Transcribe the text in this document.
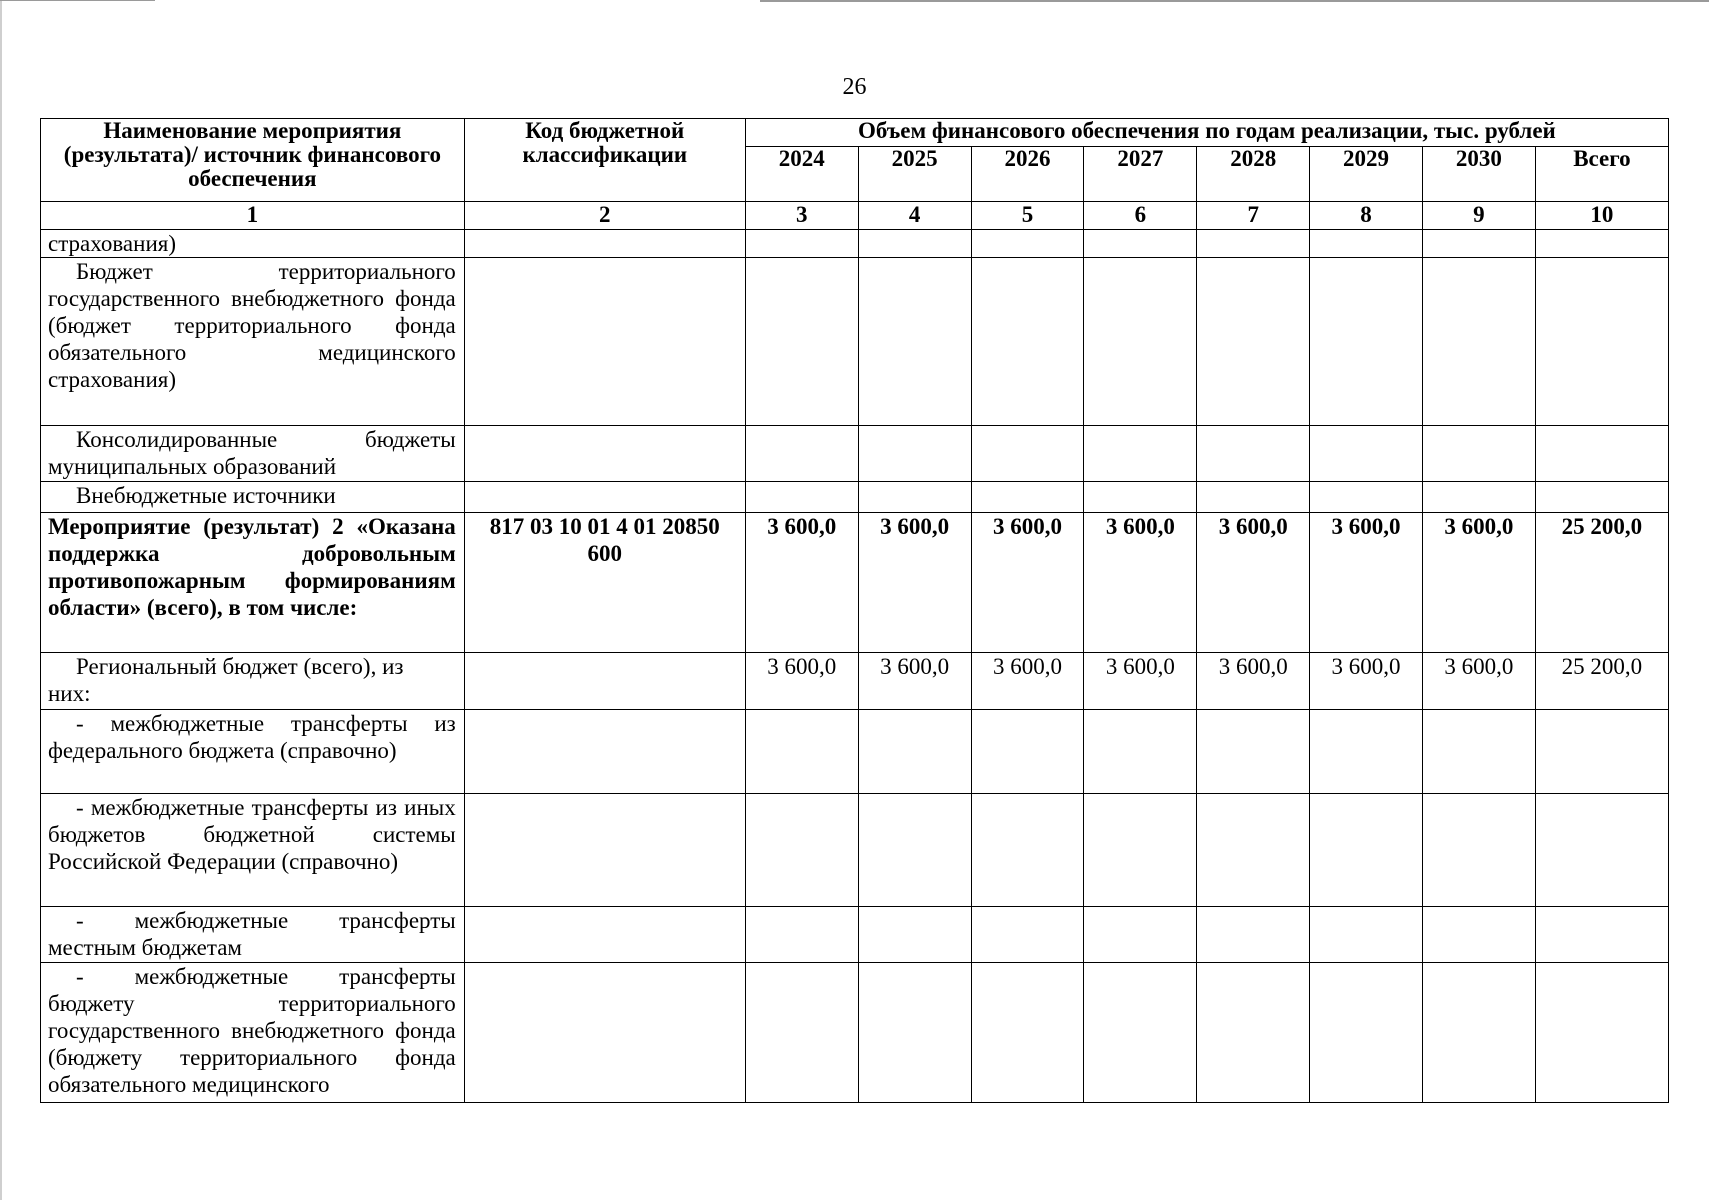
26
Наименование мероприятия (результата)/ источник финансового обеспечения	Код бюджетной классификации	Объем финансового обеспечения по годам реализации, тыс. рублей							
		2024	2025	2026	2027	2028	2029	2030	Всего
1	2	3	4	5	6	7	8	9	10
страхования)									
Бюджет территориального государственного внебюджетного фонда (бюджет территориального фонда обязательного медицинского страхования)									
Консолидированные бюджеты муниципальных образований									
Внебюджетные источники									
Мероприятие (результат) 2 «Оказана поддержка добровольным противопожарным формированиям области» (всего), в том числе:	817 03 10 01 4 01 20850 600	3 600,0	3 600,0	3 600,0	3 600,0	3 600,0	3 600,0	3 600,0	25 200,0
Региональный бюджет (всего), из них:		3 600,0	3 600,0	3 600,0	3 600,0	3 600,0	3 600,0	3 600,0	25 200,0
- межбюджетные трансферты из федерального бюджета (справочно)									
- межбюджетные трансферты из иных бюджетов бюджетной системы Российской Федерации (справочно)									
- межбюджетные трансферты местным бюджетам									
- межбюджетные трансферты бюджету территориального государственного внебюджетного фонда (бюджету территориального фонда обязательного медицинского									
